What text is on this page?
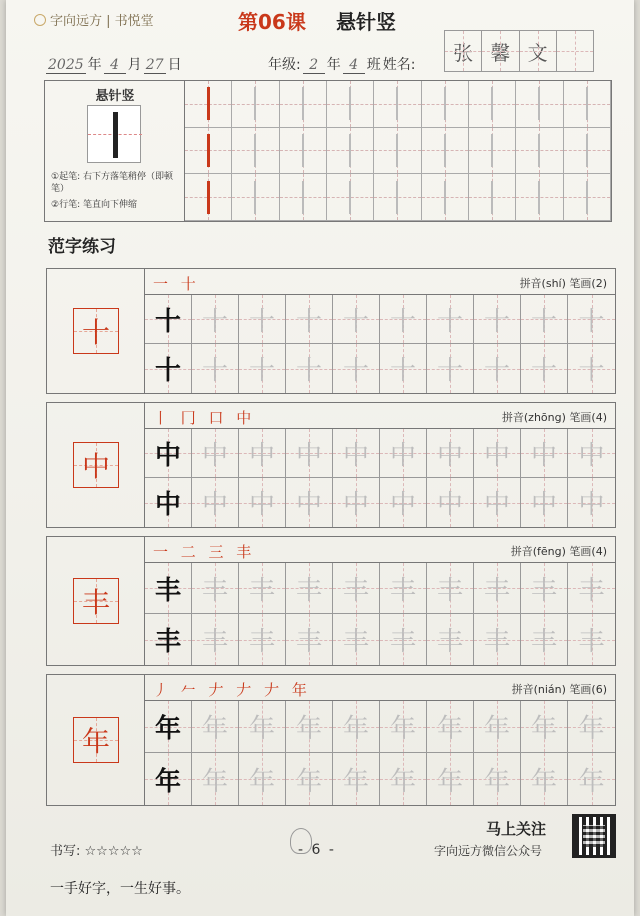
字向远方 | 书悦堂	第06课 悬针竖
2025 年 4 月 27 日	年级: 2 年 4 班 姓名:
张 馨 文
悬针竖
①起笔: 右下方落笔稍停（即顿笔）
②行笔: 笔直向下伸缩
范字练习
十
一 十	拼音(shí) 笔画(2)
十 十 十 十 十 十 十 十 十 十
十 十 十 十 十 十 十 十 十 十
中
丨 冂 口 中	拼音(zhōng) 笔画(4)
中 中 中 中 中 中 中 中 中 中
中 中 中 中 中 中 中 中 中 中
丰
一 二 三 丰	拼音(fēng) 笔画(4)
丰 丰 丰 丰 丰 丰 丰 丰 丰 丰
丰 丰 丰 丰 丰 丰 丰 丰 丰 丰
年
丿 𠂉 𠂇 𠂇 𠂇 年	拼音(nián) 笔画(6)
年 年 年 年 年 年 年 年 年 年
年 年 年 年 年 年 年 年 年 年
书写: ☆☆☆☆☆	- 6 -
马上关注
字向远方微信公众号
一手好字，一生好事。
